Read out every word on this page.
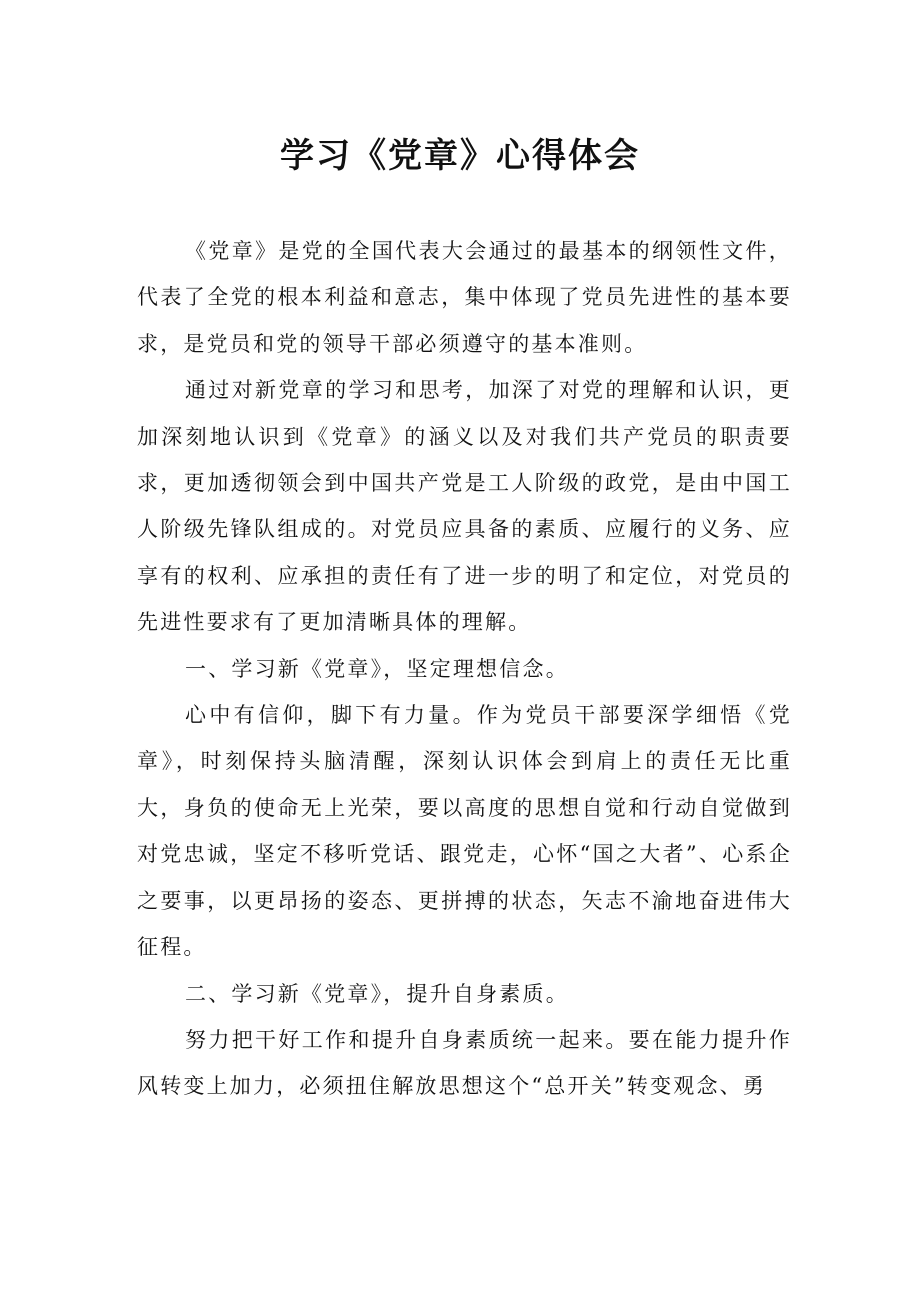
学习《党章》心得体会

《党章》是党的全国代表大会通过的最基本的纲领性文件，代表了全党的根本利益和意志，集中体现了党员先进性的基本要求，是党员和党的领导干部必须遵守的基本准则。

通过对新党章的学习和思考，加深了对党的理解和认识，更加深刻地认识到《党章》的涵义以及对我们共产党员的职责要求，更加透彻领会到中国共产党是工人阶级的政党，是由中国工人阶级先锋队组成的。对党员应具备的素质、应履行的义务、应享有的权利、应承担的责任有了进一步的明了和定位，对党员的先进性要求有了更加清晰具体的理解。

一、学习新《党章》，坚定理想信念。

心中有信仰，脚下有力量。作为党员干部要深学细悟《党章》，时刻保持头脑清醒，深刻认识体会到肩上的责任无比重大，身负的使命无上光荣，要以高度的思想自觉和行动自觉做到对党忠诚，坚定不移听党话、跟党走，心怀“国之大者”、心系企之要事，以更昂扬的姿态、更拼搏的状态，矢志不渝地奋进伟大征程。

二、学习新《党章》，提升自身素质。

努力把干好工作和提升自身素质统一起来。要在能力提升作风转变上加力，必须扭住解放思想这个“总开关”转变观念、勇
